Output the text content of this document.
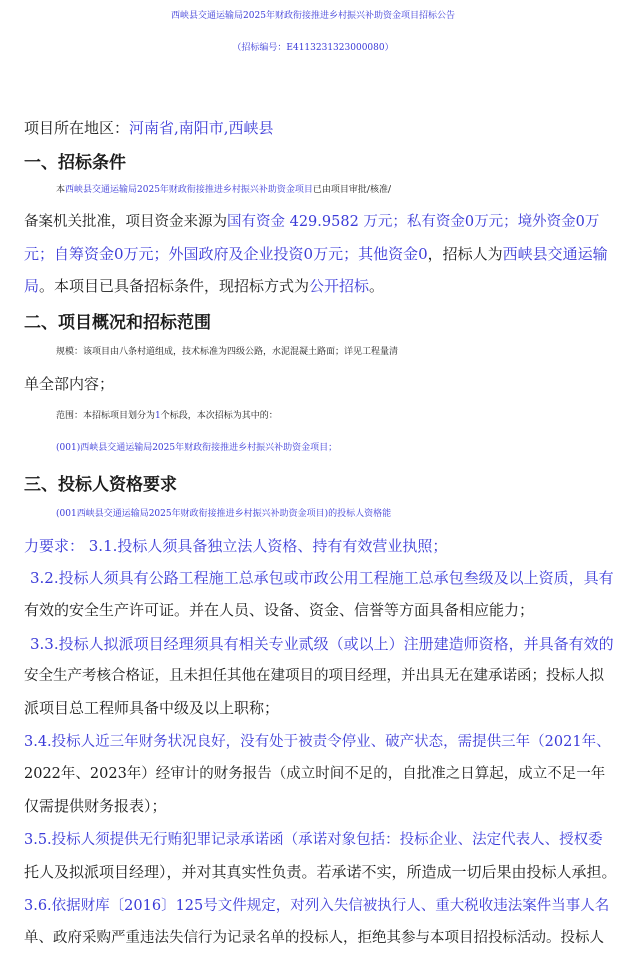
西峡县交通运输局2025年财政衔接推进乡村振兴补助资金项目招标公告
（招标编号：E4113231323000080）
项目所在地区：河南省,南阳市,西峡县
一、招标条件
本西峡县交通运输局2025年财政衔接推进乡村振兴补助资金项目已由项目审批/核准/
备案机关批准，项目资金来源为国有资金 429.9582 万元；私有资金0万元；境外资金0万
元；自筹资金0万元；外国政府及企业投资0万元；其他资金0，招标人为西峡县交通运输
局。本项目已具备招标条件，现招标方式为公开招标。
二、项目概况和招标范围
规模：该项目由八条村道组成，技术标准为四级公路，水泥混凝土路面；详见工程量清
单全部内容；
范围：本招标项目划分为1个标段，本次招标为其中的：
(001)西峡县交通运输局2025年财政衔接推进乡村振兴补助资金项目；
三、投标人资格要求
(001西峡县交通运输局2025年财政衔接推进乡村振兴补助资金项目)的投标人资格能
力要求： 3.1.投标人须具备独立法人资格、持有有效营业执照；
3.2.投标人须具有公路工程施工总承包或市政公用工程施工总承包叁级及以上资质，具有
有效的安全生产许可证。并在人员、设备、资金、信誉等方面具备相应能力；
3.3.投标人拟派项目经理须具有相关专业贰级（或以上）注册建造师资格，并具备有效的
安全生产考核合格证，且未担任其他在建项目的项目经理，并出具无在建承诺函；投标人拟
派项目总工程师具备中级及以上职称；
3.4.投标人近三年财务状况良好，没有处于被责令停业、破产状态，需提供三年（2021年、
2022年、2023年）经审计的财务报告（成立时间不足的，自批准之日算起，成立不足一年
仅需提供财务报表）；
3.5.投标人须提供无行贿犯罪记录承诺函（承诺对象包括：投标企业、法定代表人、授权委
托人及拟派项目经理），并对其真实性负责。若承诺不实，所造成一切后果由投标人承担。
3.6.依据财库〔2016〕125号文件规定，对列入失信被执行人、重大税收违法案件当事人名
单、政府采购严重违法失信行为记录名单的投标人，拒绝其参与本项目招投标活动。投标人
